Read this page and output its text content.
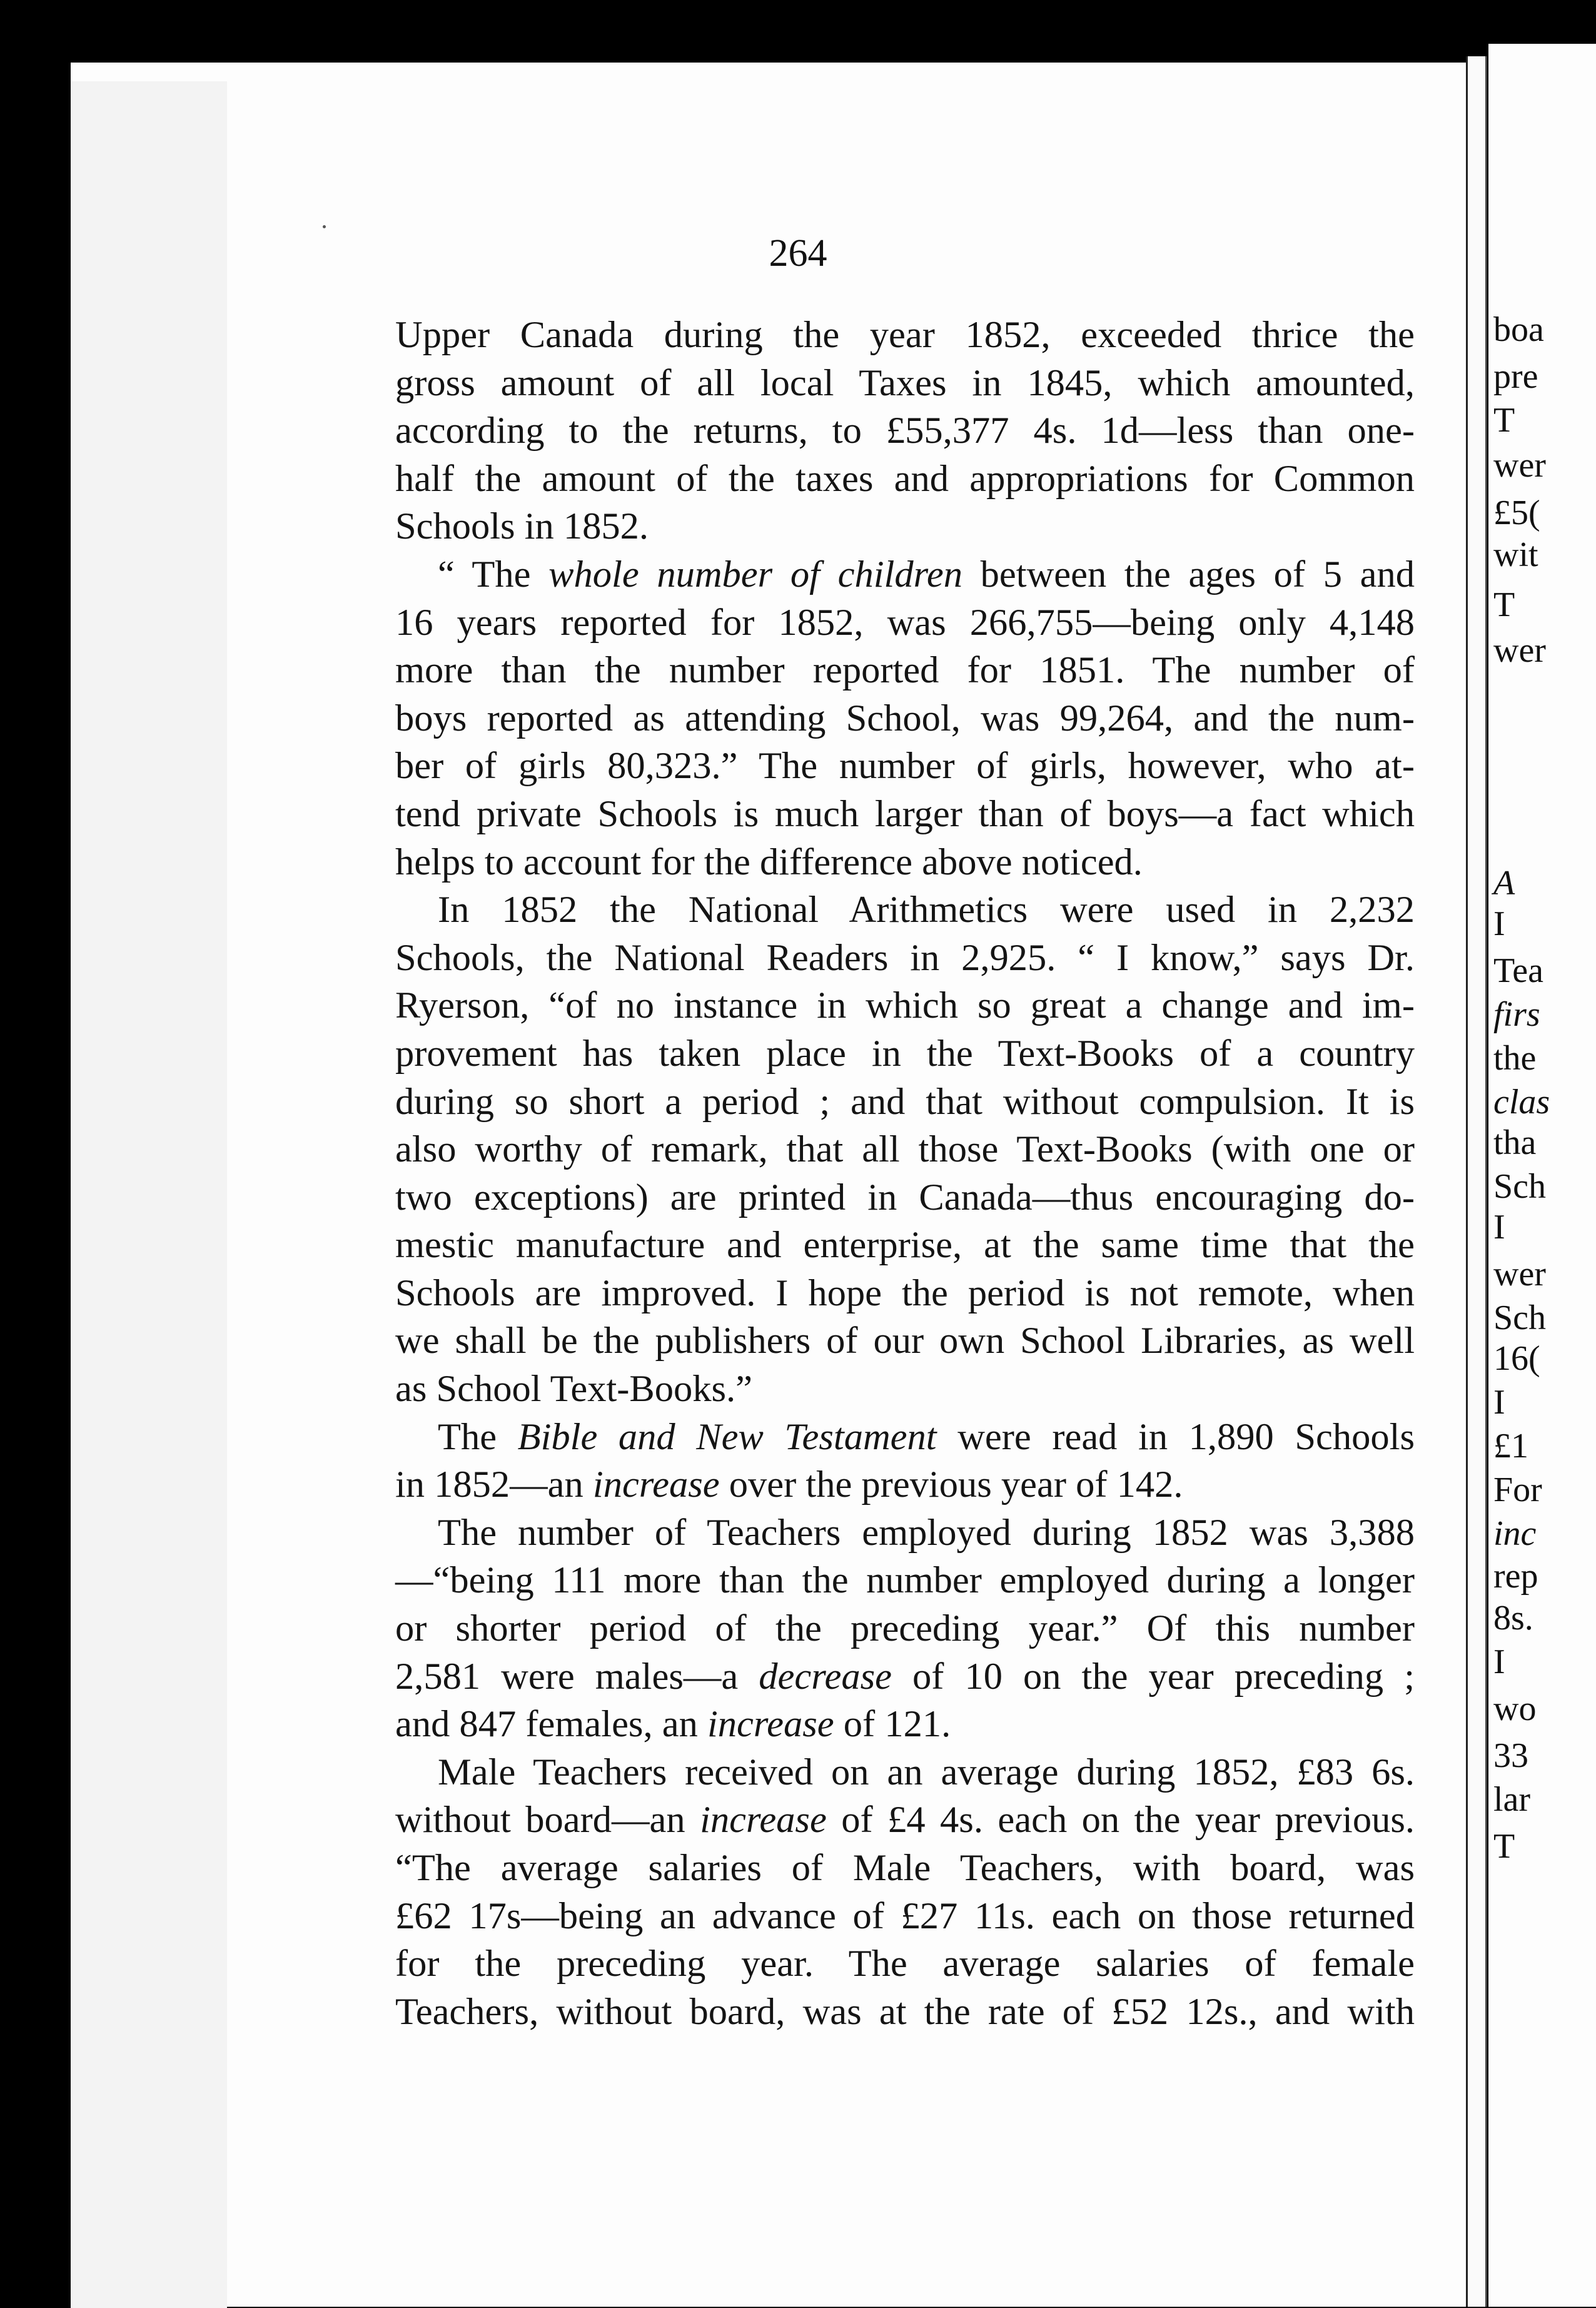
boa
pre
T
wer
£5(
wit
T
wer
A
I
Tea
firs
the
clas
tha
Sch
I
wer
Sch
16(
I
£1
For
inc
rep
8s.
I
wo
33
lar
T
264
Upper Canada during the year 1852, exceeded thrice the
gross amount of all local Taxes in 1845, which amounted,
according to the returns, to £55,377 4s. 1d—less than one-
half the amount of the taxes and appropriations for Common
Schools in 1852.
“ The whole number of children between the ages of 5 and
16 years reported for 1852, was 266,755—being only 4,148
more than the number reported for 1851. The number of
boys reported as attending School, was 99,264, and the num-
ber of girls 80,323.” The number of girls, however, who at-
tend private Schools is much larger than of boys—a fact which
helps to account for the difference above noticed.
In 1852 the National Arithmetics were used in 2,232
Schools, the National Readers in 2,925. “ I know,” says Dr.
Ryerson, “of no instance in which so great a change and im-
provement has taken place in the Text-Books of a country
during so short a period ; and that without compulsion. It is
also worthy of remark, that all those Text-Books (with one or
two exceptions) are printed in Canada—thus encouraging do-
mestic manufacture and enterprise, at the same time that the
Schools are improved. I hope the period is not remote, when
we shall be the publishers of our own School Libraries, as well
as School Text-Books.”
The Bible and New Testament were read in 1,890 Schools
in 1852—an increase over the previous year of 142.
The number of Teachers employed during 1852 was 3,388
—“being 111 more than the number employed during a longer
or shorter period of the preceding year.” Of this number
2,581 were males—a decrease of 10 on the year preceding ;
and 847 females, an increase of 121.
Male Teachers received on an average during 1852, £83 6s.
without board—an increase of £4 4s. each on the year previous.
“The average salaries of Male Teachers, with board, was
£62 17s—being an advance of £27 11s. each on those returned
for the preceding year. The average salaries of female
Teachers, without board, was at the rate of £52 12s., and with
